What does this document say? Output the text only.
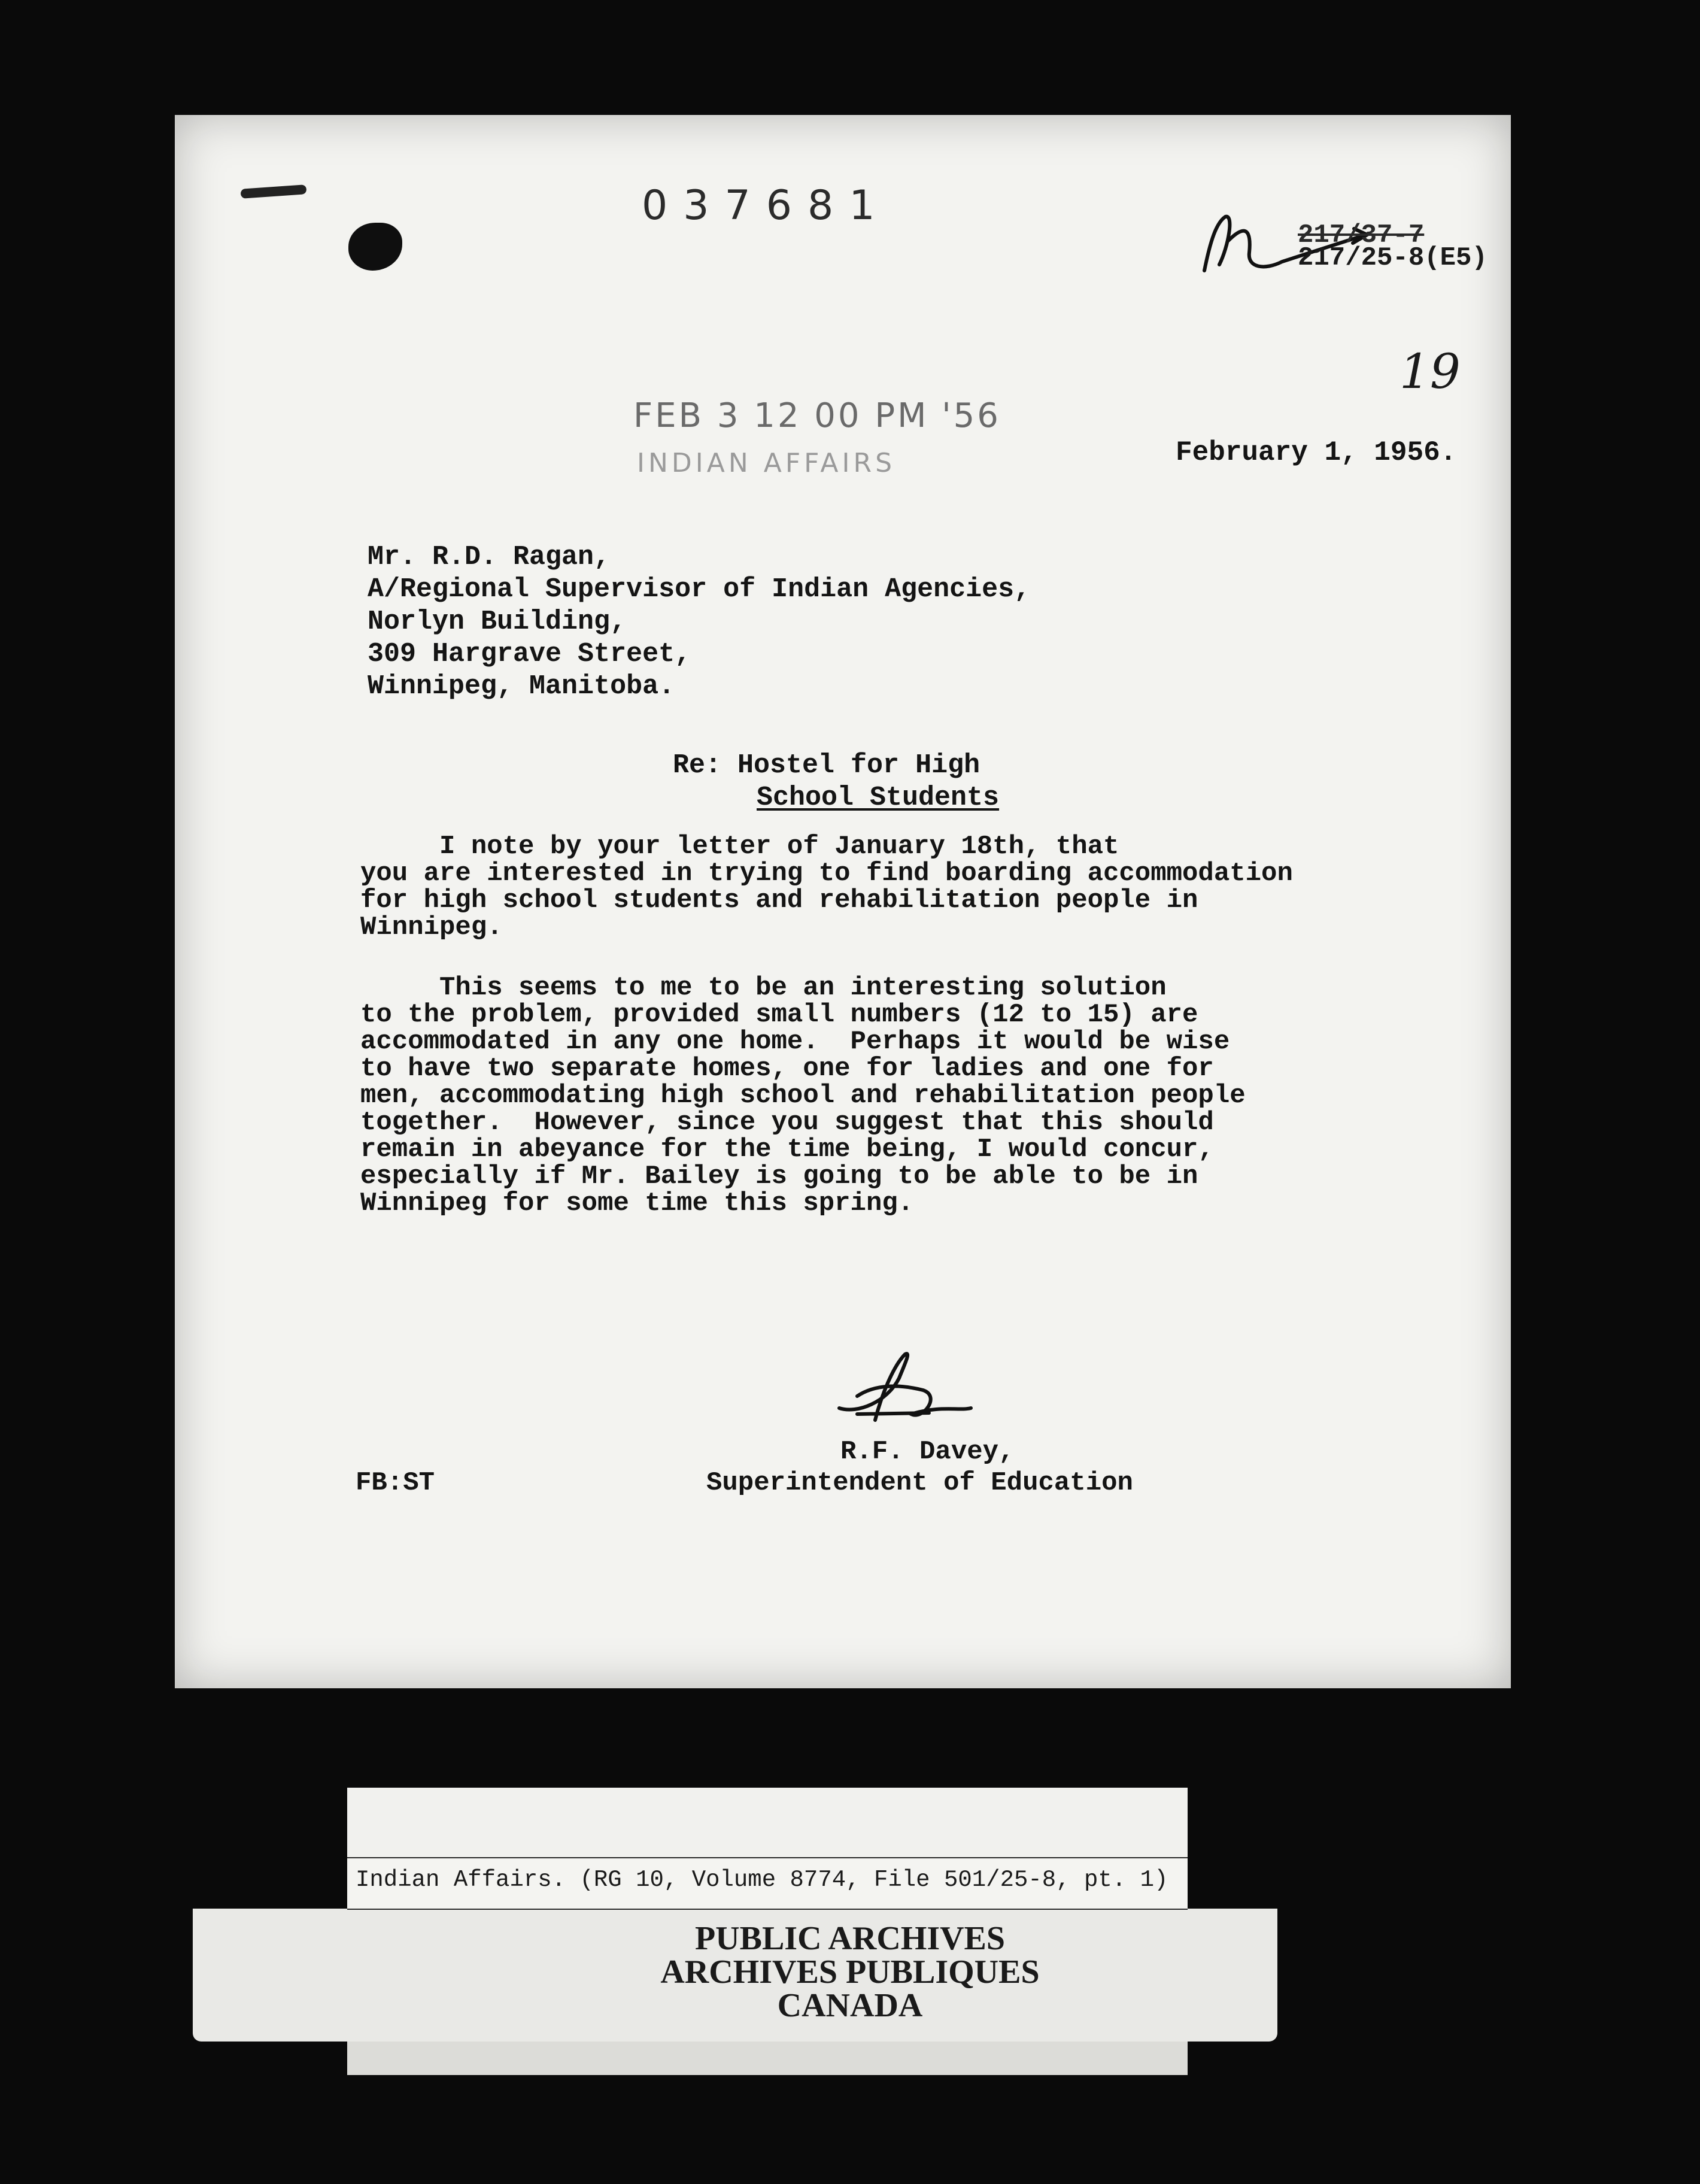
037681
217/37-7
217/25-8(E5)
19
FEB 3 12 00 PM '56
INDIAN AFFAIRS	February 1, 1956.
Mr. R.D. Ragan,
A/Regional Supervisor of Indian Agencies,
Norlyn Building,
309 Hargrave Street,
Winnipeg, Manitoba.
Re: Hostel for High
School Students
I note by your letter of January 18th, that
you are interested in trying to find boarding accommodation
for high school students and rehabilitation people in
Winnipeg.
This seems to me to be an interesting solution
to the problem, provided small numbers (12 to 15) are
accommodated in any one home.  Perhaps it would be wise
to have two separate homes, one for ladies and one for
men, accommodating high school and rehabilitation people
together.  However, since you suggest that this should
remain in abeyance for the time being, I would concur,
especially if Mr. Bailey is going to be able to be in
Winnipeg for some time this spring.
R.F. Davey,
FB:ST	Superintendent of Education
Indian Affairs. (RG 10, Volume 8774, File 501/25-8, pt. 1)
PUBLIC ARCHIVES
ARCHIVES PUBLIQUES
CANADA
